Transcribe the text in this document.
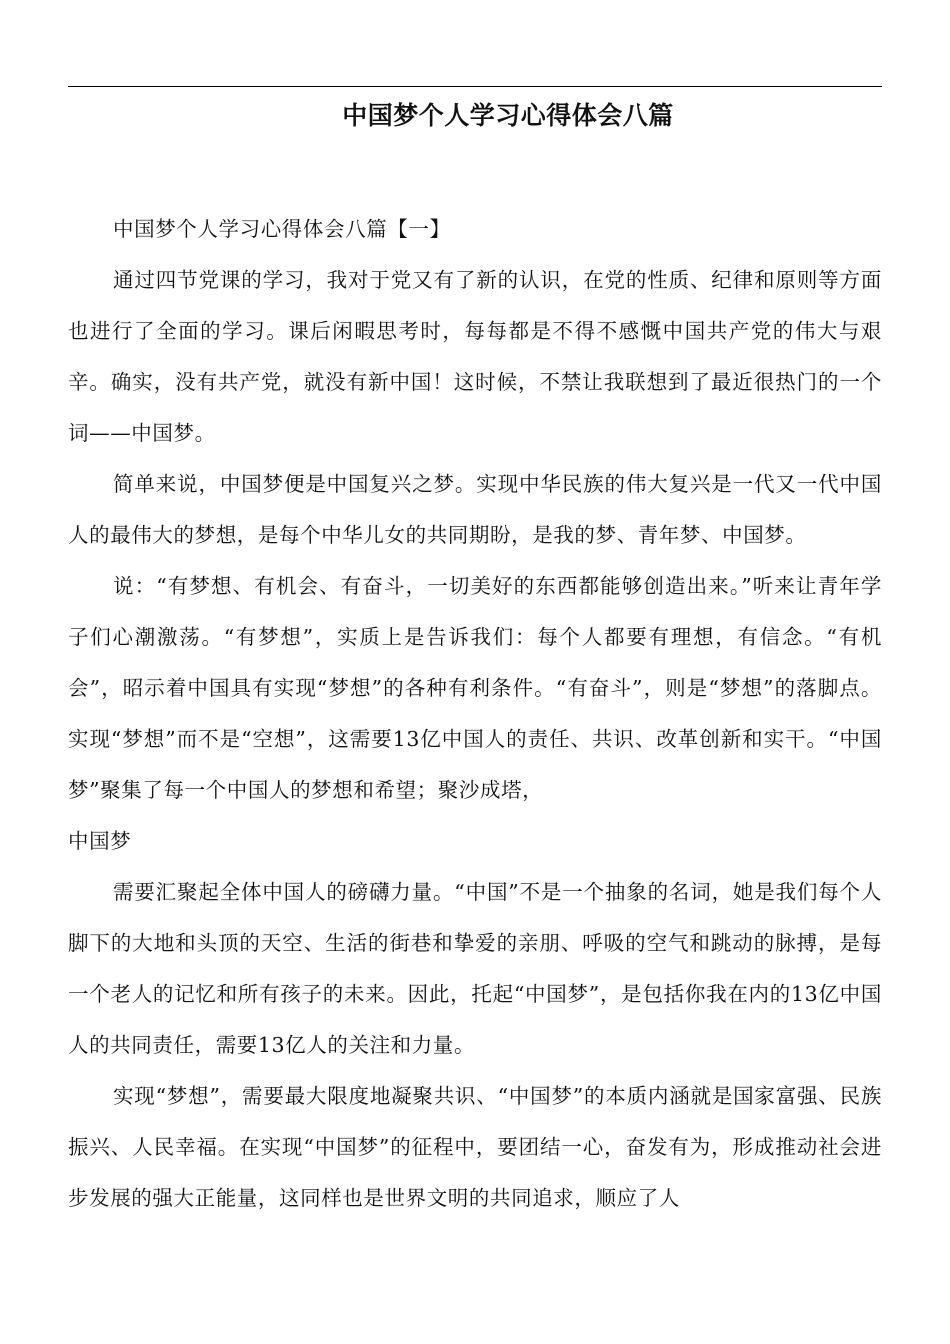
中国梦个人学习心得体会八篇

中国梦个人学习心得体会八篇【一】

通过四节党课的学习，我对于党又有了新的认识，在党的性质、纪律和原则等方面也进行了全面的学习。课后闲暇思考时，每每都是不得不感慨中国共产党的伟大与艰辛。确实，没有共产党，就没有新中国！这时候，不禁让我联想到了最近很热门的一个词——中国梦。

简单来说，中国梦便是中国复兴之梦。实现中华民族的伟大复兴是一代又一代中国人的最伟大的梦想，是每个中华儿女的共同期盼，是我的梦、青年梦、中国梦。

说：“有梦想、有机会、有奋斗，一切美好的东西都能够创造出来。”听来让青年学子们心潮激荡。“有梦想”，实质上是告诉我们：每个人都要有理想，有信念。“有机会”，昭示着中国具有实现“梦想”的各种有利条件。“有奋斗”，则是“梦想”的落脚点。实现“梦想”而不是“空想”，这需要13亿中国人的责任、共识、改革创新和实干。“中国梦”聚集了每一个中国人的梦想和希望；聚沙成塔，

中国梦

需要汇聚起全体中国人的磅礴力量。“中国”不是一个抽象的名词，她是我们每个人脚下的大地和头顶的天空、生活的街巷和挚爱的亲朋、呼吸的空气和跳动的脉搏，是每一个老人的记忆和所有孩子的未来。因此，托起“中国梦”，是包括你我在内的13亿中国人的共同责任，需要13亿人的关注和力量。

实现“梦想”，需要最大限度地凝聚共识、“中国梦”的本质内涵就是国家富强、民族振兴、人民幸福。在实现“中国梦”的征程中，要团结一心，奋发有为，形成推动社会进步发展的强大正能量，这同样也是世界文明的共同追求，顺应了人
